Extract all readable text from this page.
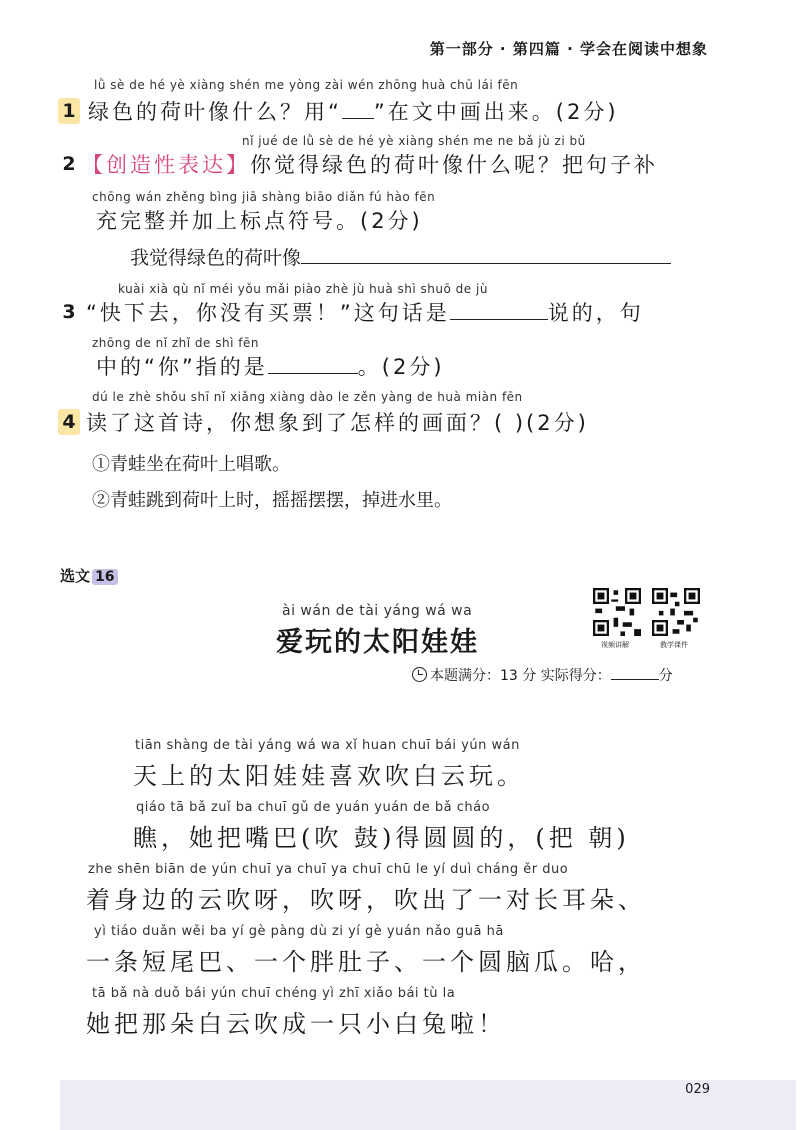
第一部分 · 第四篇 · 学会在阅读中想象
lǜ sè de hé yè xiàng shén me yòng zài wén zhōng huà chū lái fēn
1 绿色的荷叶像什么？用“ ”在文中画出来。(2分)
nǐ jué de lǜ sè de hé yè xiàng shén me ne bǎ jù zi bǔ
2 【创造性表达】你觉得绿色的荷叶像什么呢？把句子补
chōng wán zhěng bìng jiā shàng biāo diǎn fú hào fēn
充完整并加上标点符号。(2分)
我觉得绿色的荷叶像
kuài xià qù nǐ méi yǒu mǎi piào zhè jù huà shì shuō de jù
3 “快下去，你没有买票！”这句话是	说的，句
zhōng de nǐ zhǐ de shì fēn
中的“你”指的是	。(2分)
dú le zhè shǒu shī nǐ xiǎng xiàng dào le zěn yàng de huà miàn fēn
4 读了这首诗，你想象到了怎样的画面？( )(2分)
①青蛙坐在荷叶上唱歌。
②青蛙跳到荷叶上时，摇摇摆摆，掉进水里。
选文 16
ài wán de tài yáng wá wa
爱玩的太阳娃娃	视频讲解	教学课件
本题满分：13 分 实际得分：	分
tiān shàng de tài yáng wá wa xǐ huan chuī bái yún wán
天上的太阳娃娃喜欢吹白云玩。
qiáo tā bǎ zuǐ ba chuī gǔ de yuán yuán de bǎ cháo
瞧，她把嘴巴(吹 鼓)得圆圆的，(把 朝)
zhe shēn biān de yún chuī ya chuī ya chuī chū le yí duì cháng ěr duo
着身边的云吹呀，吹呀，吹出了一对长耳朵、
yì tiáo duǎn wěi ba yí gè pàng dù zi yí gè yuán nǎo guā hā
一条短尾巴、一个胖肚子、一个圆脑瓜。哈，
tā bǎ nà duǒ bái yún chuī chéng yì zhī xiǎo bái tù la
她把那朵白云吹成一只小白兔啦！
029
